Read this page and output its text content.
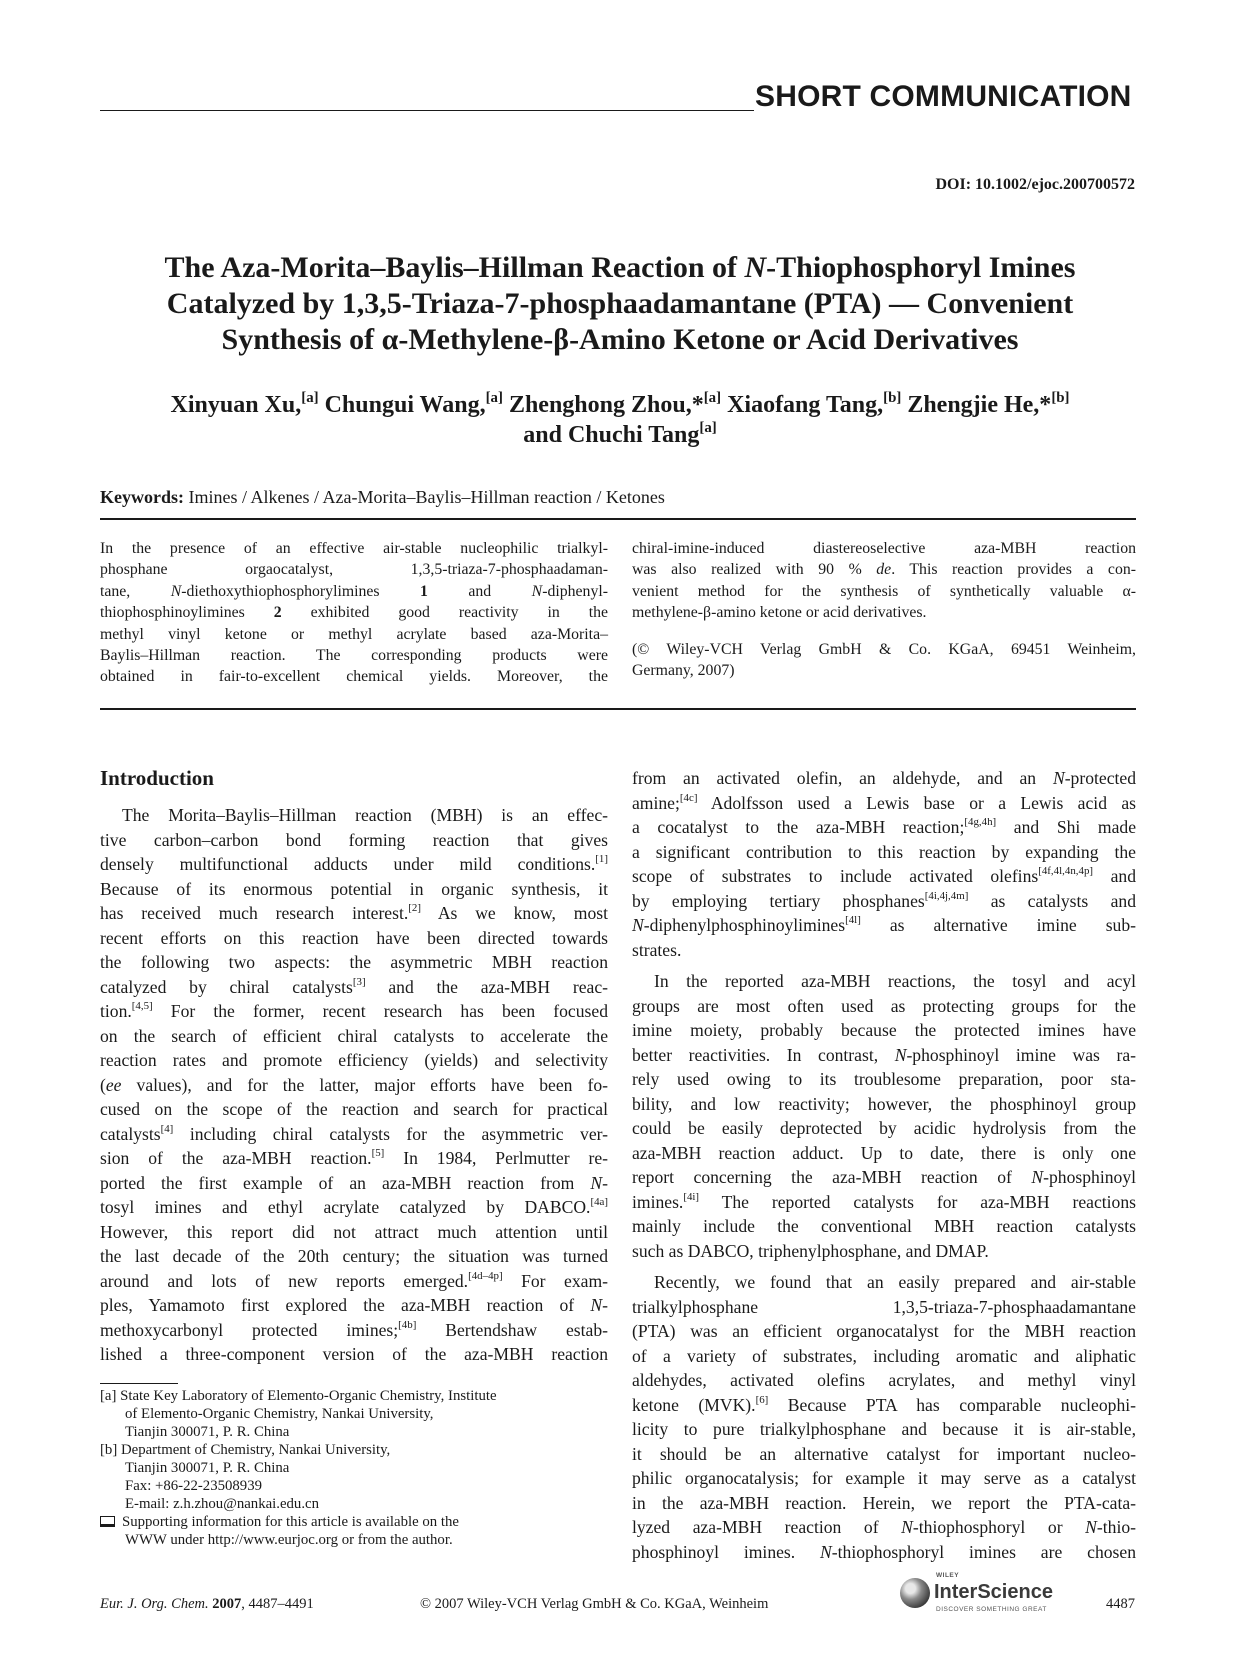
SHORT COMMUNICATION
DOI: 10.1002/ejoc.200700572

The Aza-Morita–Baylis–Hillman Reaction of N-Thiophosphoryl Imines

Catalyzed by 1,3,5-Triaza-7-phosphaadamantane (PTA) — Convenient

Synthesis of α-Methylene-β-Amino Ketone or Acid Derivatives

Xinyuan Xu,[a] Chungui Wang,[a] Zhenghong Zhou,*[a] Xiaofang Tang,[b] Zhengjie He,*[b]

and Chuchi Tang[a]

Keywords: Imines / Alkenes / Aza-Morita–Baylis–Hillman reaction / Ketones
In the presence of an effective air-stable nucleophilic trialkyl-
phosphane orgaocatalyst, 1,3,5-triaza-7-phosphaadaman-
tane, N-diethoxythiophosphorylimines 1 and N-diphenyl-
thiophosphinoylimines 2 exhibited good reactivity in the
methyl vinyl ketone or methyl acrylate based aza-Morita–
Baylis–Hillman reaction. The corresponding products were
obtained in fair-to-excellent chemical yields. Moreover, the
chiral-imine-induced diastereoselective aza-MBH reaction
was also realized with 90 % de. This reaction provides a con-
venient method for the synthesis of synthetically valuable α-
methylene-β-amino ketone or acid derivatives.
(© Wiley-VCH Verlag GmbH & Co. KGaA, 69451 Weinheim,
Germany, 2007)
Introduction
The Morita–Baylis–Hillman reaction (MBH) is an effec-
tive carbon–carbon bond forming reaction that gives
densely multifunctional adducts under mild conditions.[1]
Because of its enormous potential in organic synthesis, it
has received much research interest.[2] As we know, most
recent efforts on this reaction have been directed towards
the following two aspects: the asymmetric MBH reaction
catalyzed by chiral catalysts[3] and the aza-MBH reac-
tion.[4,5] For the former, recent research has been focused
on the search of efficient chiral catalysts to accelerate the
reaction rates and promote efficiency (yields) and selectivity
(ee values), and for the latter, major efforts have been fo-
cused on the scope of the reaction and search for practical
catalysts[4] including chiral catalysts for the asymmetric ver-
sion of the aza-MBH reaction.[5] In 1984, Perlmutter re-
ported the first example of an aza-MBH reaction from N-
tosyl imines and ethyl acrylate catalyzed by DABCO.[4a]
However, this report did not attract much attention until
the last decade of the 20th century; the situation was turned
around and lots of new reports emerged.[4d–4p] For exam-
ples, Yamamoto first explored the aza-MBH reaction of N-
methoxycarbonyl protected imines;[4b] Bertendshaw estab-
lished a three-component version of the aza-MBH reaction
from an activated olefin, an aldehyde, and an N-protected
amine;[4c] Adolfsson used a Lewis base or a Lewis acid as
a cocatalyst to the aza-MBH reaction;[4g,4h] and Shi made
a significant contribution to this reaction by expanding the
scope of substrates to include activated olefins[4f,4l,4n,4p] and
by employing tertiary phosphanes[4i,4j,4m] as catalysts and
N-diphenylphosphinoylimines[4l] as alternative imine sub-
strates.
In the reported aza-MBH reactions, the tosyl and acyl
groups are most often used as protecting groups for the
imine moiety, probably because the protected imines have
better reactivities. In contrast, N-phosphinoyl imine was ra-
rely used owing to its troublesome preparation, poor sta-
bility, and low reactivity; however, the phosphinoyl group
could be easily deprotected by acidic hydrolysis from the
aza-MBH reaction adduct. Up to date, there is only one
report concerning the aza-MBH reaction of N-phosphinoyl
imines.[4i] The reported catalysts for aza-MBH reactions
mainly include the conventional MBH reaction catalysts
such as DABCO, triphenylphosphane, and DMAP.
Recently, we found that an easily prepared and air-stable
trialkylphosphane 1,3,5-triaza-7-phosphaadamantane
(PTA) was an efficient organocatalyst for the MBH reaction
of a variety of substrates, including aromatic and aliphatic
aldehydes, activated olefins acrylates, and methyl vinyl
ketone (MVK).[6] Because PTA has comparable nucleophi-
licity to pure trialkylphosphane and because it is air-stable,
it should be an alternative catalyst for important nucleo-
philic organocatalysis; for example it may serve as a catalyst
in the aza-MBH reaction. Herein, we report the PTA-cata-
lyzed aza-MBH reaction of N-thiophosphoryl or N-thio-
phosphinoyl imines. N-thiophosphoryl imines are chosen
[a] State Key Laboratory of Elemento-Organic Chemistry, Institute
of Elemento-Organic Chemistry, Nankai University,
Tianjin 300071, P. R. China
[b] Department of Chemistry, Nankai University,
Tianjin 300071, P. R. China
Fax: +86-22-23508939
E-mail: z.h.zhou@nankai.edu.cn
Supporting information for this article is available on the
WWW under http://www.eurjoc.org or from the author.
Eur. J. Org. Chem. 2007, 4487–4491	© 2007 Wiley-VCH Verlag GmbH & Co. KGaA, Weinheim
WILEY
InterScience
DISCOVER SOMETHING GREAT	4487
